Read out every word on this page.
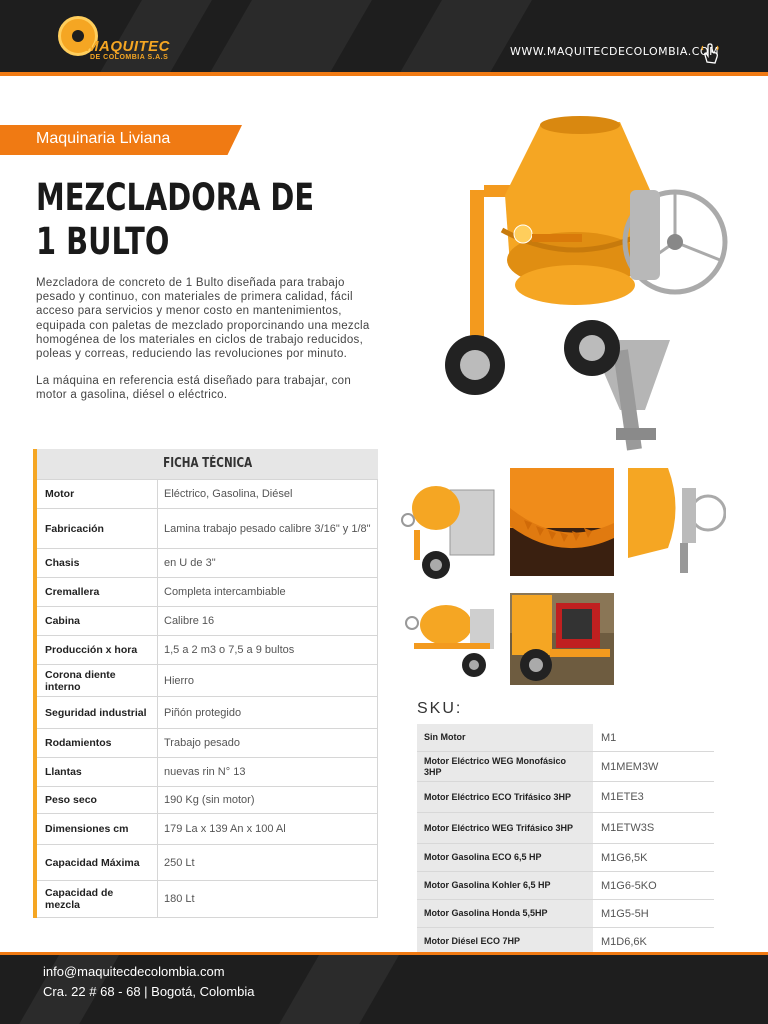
MAQUITEC
DE COLOMBIA S.A.S	WWW.MAQUITECDECOLOMBIA.COM
Maquinaria Liviana
MEZCLADORA DE
1 BULTO

Mezcladora de concreto de 1 Bulto diseñada para trabajo pesado y continuo, con materiales de primera calidad, fácil acceso para servicios y menor costo en mantenimientos, equipada con paletas de mezclado proporcinando una mezcla homogénea de los materiales en ciclos de trabajo reducidos, poleas y correas, reduciendo las revoluciones por minuto.

La máquina en referencia está diseñado para trabajar, con motor a gasolina, diésel o eléctrico.

FICHA TÉCNICA
Motor	Eléctrico, Gasolina, Diésel
Fabricación	Lamina trabajo pesado calibre 3/16" y 1/8"
Chasis	en U de 3"
Cremallera	Completa intercambiable
Cabina	Calibre 16
Producción x hora	1,5 a 2 m3 o 7,5 a 9 bultos
Corona diente interno	Hierro
Seguridad industrial	Piñón protegido
Rodamientos	Trabajo pesado
Llantas	nuevas rin N° 13
Peso seco	190 Kg (sin motor)
Dimensiones cm	179 La x 139 An x 100 Al
Capacidad Máxima	250 Lt
Capacidad de mezcla	180 Lt
SKU:
Sin Motor	M1
Motor Eléctrico WEG Monofásico 3HP	M1MEM3W
Motor Eléctrico ECO Trifásico 3HP	M1ETE3
Motor Eléctrico WEG Trifásico 3HP	M1ETW3S
Motor Gasolina ECO 6,5 HP	M1G6,5K
Motor Gasolina Kohler 6,5 HP	M1G6-5KO
Motor Gasolina Honda 5,5HP	M1G5-5H
Motor Diésel ECO 7HP	M1D6,6K

info@maquitecdecolombia.com
Cra. 22 # 68 - 68 | Bogotá, Colombia
